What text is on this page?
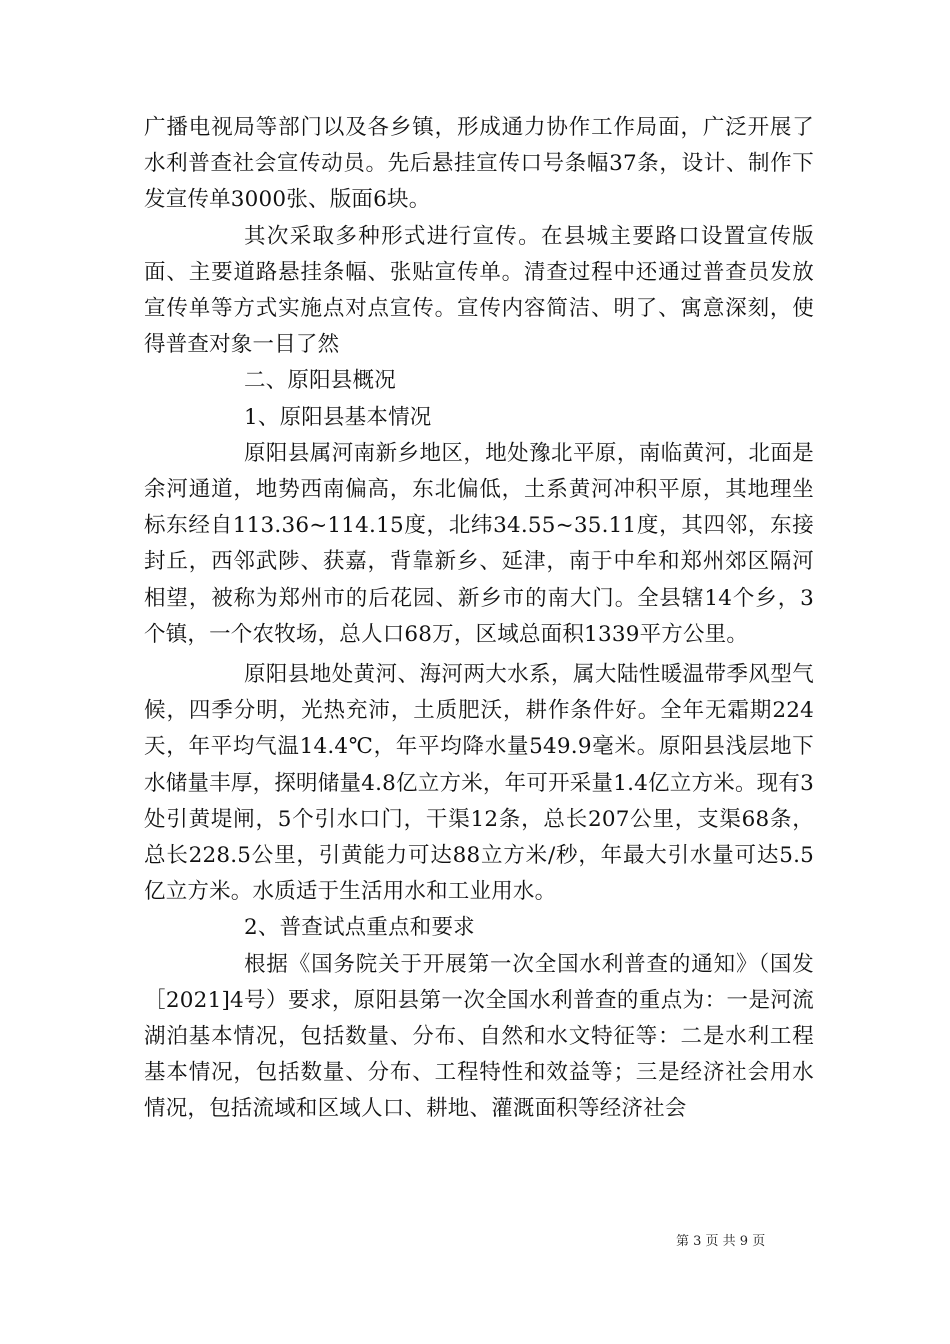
广播电视局等部门以及各乡镇，形成通力协作工作局面，广泛开展了水利普查社会宣传动员。先后悬挂宣传口号条幅37条，设计、制作下发宣传单3000张、版面6块。

其次采取多种形式进行宣传。在县城主要路口设置宣传版面、主要道路悬挂条幅、张贴宣传单。清查过程中还通过普查员发放宣传单等方式实施点对点宣传。宣传内容简洁、明了、寓意深刻，使得普查对象一目了然

二、原阳县概况

1、原阳县基本情况

原阳县属河南新乡地区，地处豫北平原，南临黄河，北面是余河通道，地势西南偏高，东北偏低，土系黄河冲积平原，其地理坐标东经自113.36~114.15度，北纬34.55~35.11度，其四邻，东接封丘，西邻武陟、获嘉，背靠新乡、延津，南于中牟和郑州郊区隔河相望，被称为郑州市的后花园、新乡市的南大门。全县辖14个乡，3个镇，一个农牧场，总人口68万，区域总面积1339平方公里。

原阳县地处黄河、海河两大水系，属大陆性暖温带季风型气候，四季分明，光热充沛，土质肥沃，耕作条件好。全年无霜期224天，年平均气温14.4℃，年平均降水量549.9毫米。原阳县浅层地下水储量丰厚，探明储量4.8亿立方米，年可开采量1.4亿立方米。现有3处引黄堤闸，5个引水口门，干渠12条，总长207公里，支渠68条，总长228.5公里，引黄能力可达88立方米/秒，年最大引水量可达5.5亿立方米。水质适于生活用水和工业用水。

2、普查试点重点和要求

根据《国务院关于开展第一次全国水利普查的通知》（国发［2021]4号）要求，原阳县第一次全国水利普查的重点为：一是河流湖泊基本情况，包括数量、分布、自然和水文特征等：二是水利工程基本情况，包括数量、分布、工程特性和效益等；三是经济社会用水情况，包括流域和区域人口、耕地、灌溉面积等经济社会

第 3 页 共 9 页
